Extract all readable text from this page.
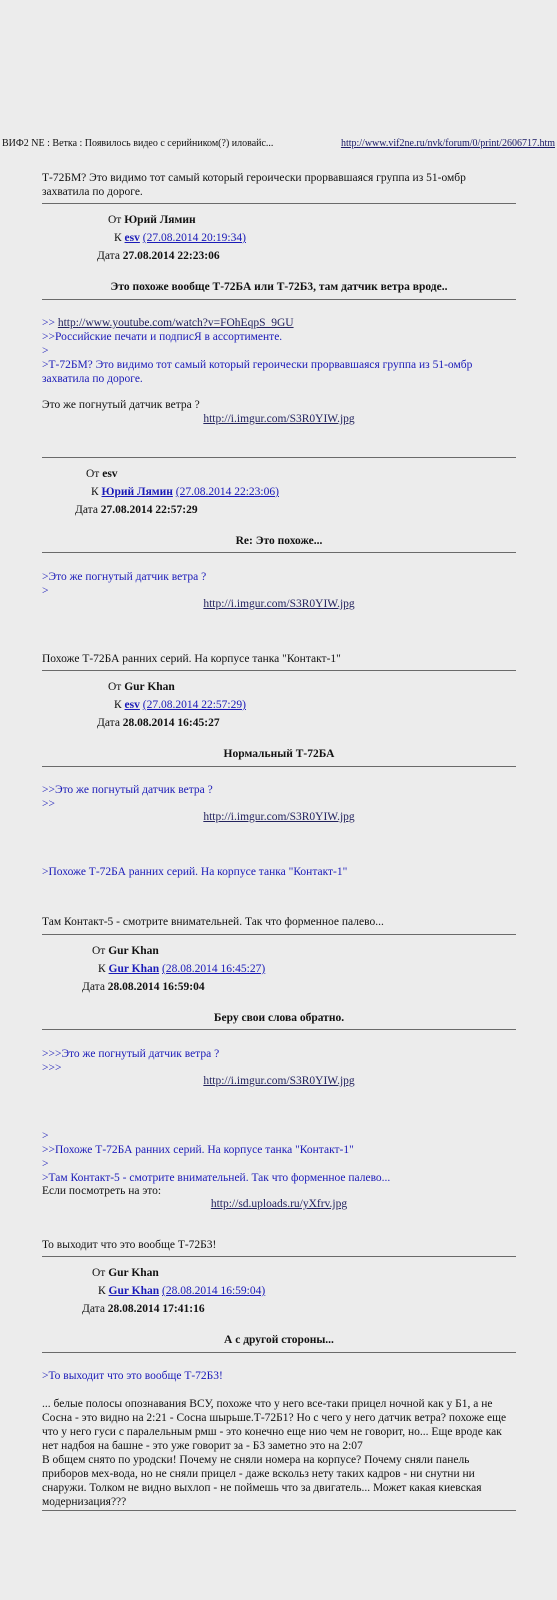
ВИФ2 NE : Ветка : Появилось видео с серийником(?) иловайс...	http://www.vif2ne.ru/nvk/forum/0/print/2606717.htm
Т-72БМ? Это видимо тот самый который героически прорвавшаяся группа из 51-омбр захватила по дороге.
От Юрий Лямин
К esv (27.08.2014 20:19:34)
Дата 27.08.2014 22:23:06
Это похоже вообще Т-72БА или Т-72Б3, там датчик ветра вроде..
>> http://www.youtube.com/watch?v=FOhEqpS_9GU
>>Российские печати и подписЯ в ассортименте.
>
>Т-72БМ? Это видимо тот самый который героически прорвавшаяся группа из 51-омбр захватила по дороге.
Это же погнутый датчик ветра ?
http://i.imgur.com/S3R0YIW.jpg
От esv
К Юрий Лямин (27.08.2014 22:23:06)
Дата 27.08.2014 22:57:29
Re: Это похоже...
>Это же погнутый датчик ветра ?
>
http://i.imgur.com/S3R0YIW.jpg
Похоже Т-72БА ранних серий. На корпусе танка "Контакт-1"
От Gur Khan
К esv (27.08.2014 22:57:29)
Дата 28.08.2014 16:45:27
Нормальный Т-72БА
>>Это же погнутый датчик ветра ?
>>
http://i.imgur.com/S3R0YIW.jpg
>Похоже Т-72БА ранних серий. На корпусе танка "Контакт-1"
Там Контакт-5 - смотрите внимательней. Так что форменное палево...
От Gur Khan
К Gur Khan (28.08.2014 16:45:27)
Дата 28.08.2014 16:59:04
Беру свои слова обратно.
>>>Это же погнутый датчик ветра ?
>>>
http://i.imgur.com/S3R0YIW.jpg
>
>>Похоже Т-72БА ранних серий. На корпусе танка "Контакт-1"
>
>Там Контакт-5 - смотрите внимательней. Так что форменное палево...
Если посмотреть на это:
http://sd.uploads.ru/yXfrv.jpg
То выходит что это вообще Т-72Б3!
От Gur Khan
К Gur Khan (28.08.2014 16:59:04)
Дата 28.08.2014 17:41:16
А с другой стороны...
>То выходит что это вообще Т-72Б3!
... белые полосы опознавания ВСУ, похоже что у него все-таки прицел ночной как у Б1, а не Сосна - это видно на 2:21 - Сосна шырьше.Т-72Б1? Но с чего у него датчик ветра? похоже еще что у него гуси с паралельным рмш - это конечно еще нио чем не говорит, но... Еще вроде как нет надбоя на башне - это уже говорит за - Б3 заметно это на 2:07
В общем снято по уродски! Почему не сняли номера на корпусе? Почему сняли панель приборов мех-вода, но не сняли прицел - даже вскольз нету таких кадров - ни снутни ни снаружи. Толком не видно выхлоп - не поймешь что за двигатель... Может какая киевская модернизация???
